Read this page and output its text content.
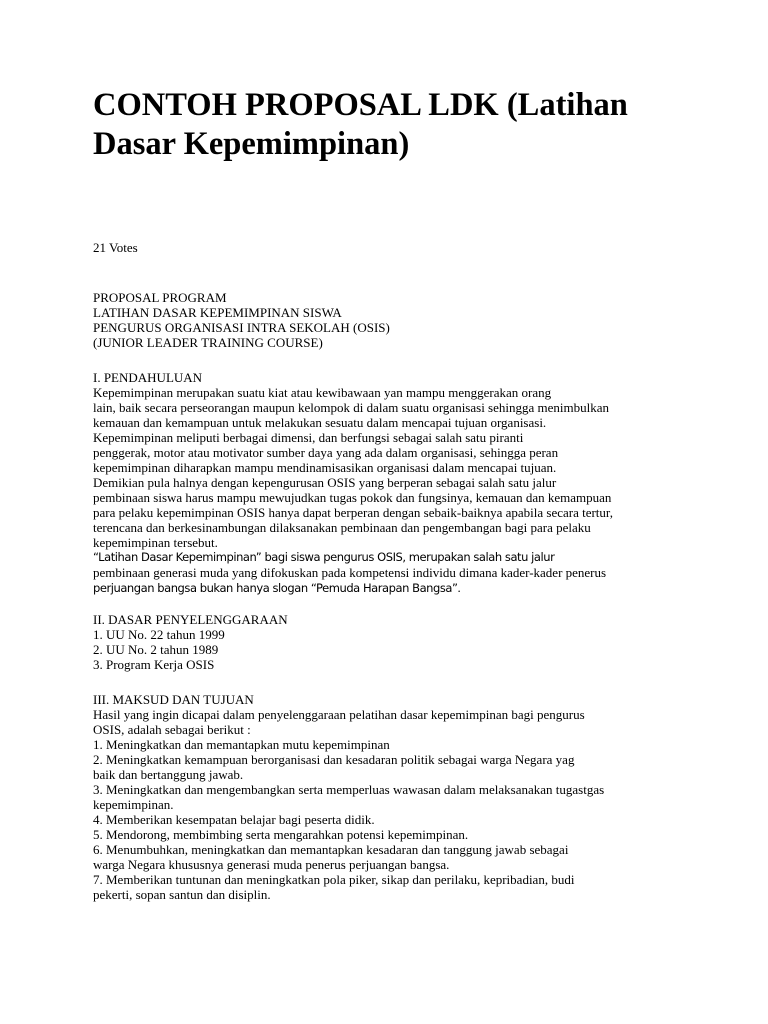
CONTOH PROPOSAL LDK (Latihan
Dasar Kepemimpinan)
21 Votes
PROPOSAL PROGRAM
LATIHAN DASAR KEPEMIMPINAN SISWA
PENGURUS ORGANISASI INTRA SEKOLAH (OSIS)
(JUNIOR LEADER TRAINING COURSE)
I. PENDAHULUAN
Kepemimpinan merupakan suatu kiat atau kewibawaan yan mampu menggerakan orang
lain, baik secara perseorangan maupun kelompok di dalam suatu organisasi sehingga menimbulkan
kemauan dan kemampuan untuk melakukan sesuatu dalam mencapai tujuan organisasi.
Kepemimpinan meliputi berbagai dimensi, dan berfungsi sebagai salah satu piranti
penggerak, motor atau motivator sumber daya yang ada dalam organisasi, sehingga peran
kepemimpinan diharapkan mampu mendinamisasikan organisasi dalam mencapai tujuan.
Demikian pula halnya dengan kepengurusan OSIS yang berperan sebagai salah satu jalur
pembinaan siswa harus mampu mewujudkan tugas pokok dan fungsinya, kemauan dan kemampuan
para pelaku kepemimpinan OSIS hanya dapat berperan dengan sebaik-baiknya apabila secara tertur,
terencana dan berkesinambungan dilaksanakan pembinaan dan pengembangan bagi para pelaku
kepemimpinan tersebut.
“Latihan Dasar Kepemimpinan” bagi siswa pengurus OSIS, merupakan salah satu jalur
pembinaan generasi muda yang difokuskan pada kompetensi individu dimana kader-kader penerus
perjuangan bangsa bukan hanya slogan “Pemuda Harapan Bangsa”.
II. DASAR PENYELENGGARAAN
1. UU No. 22 tahun 1999
2. UU No. 2 tahun 1989
3. Program Kerja OSIS
III. MAKSUD DAN TUJUAN
Hasil yang ingin dicapai dalam penyelenggaraan pelatihan dasar kepemimpinan bagi pengurus
OSIS, adalah sebagai berikut :
1. Meningkatkan dan memantapkan mutu kepemimpinan
2. Meningkatkan kemampuan berorganisasi dan kesadaran politik sebagai warga Negara yag
baik dan bertanggung jawab.
3. Meningkatkan dan mengembangkan serta memperluas wawasan dalam melaksanakan tugastgas
kepemimpinan.
4. Memberikan kesempatan belajar bagi peserta didik.
5. Mendorong, membimbing serta mengarahkan potensi kepemimpinan.
6. Menumbuhkan, meningkatkan dan memantapkan kesadaran dan tanggung jawab sebagai
warga Negara khususnya generasi muda penerus perjuangan bangsa.
7. Memberikan tuntunan dan meningkatkan pola piker, sikap dan perilaku, kepribadian, budi
pekerti, sopan santun dan disiplin.
